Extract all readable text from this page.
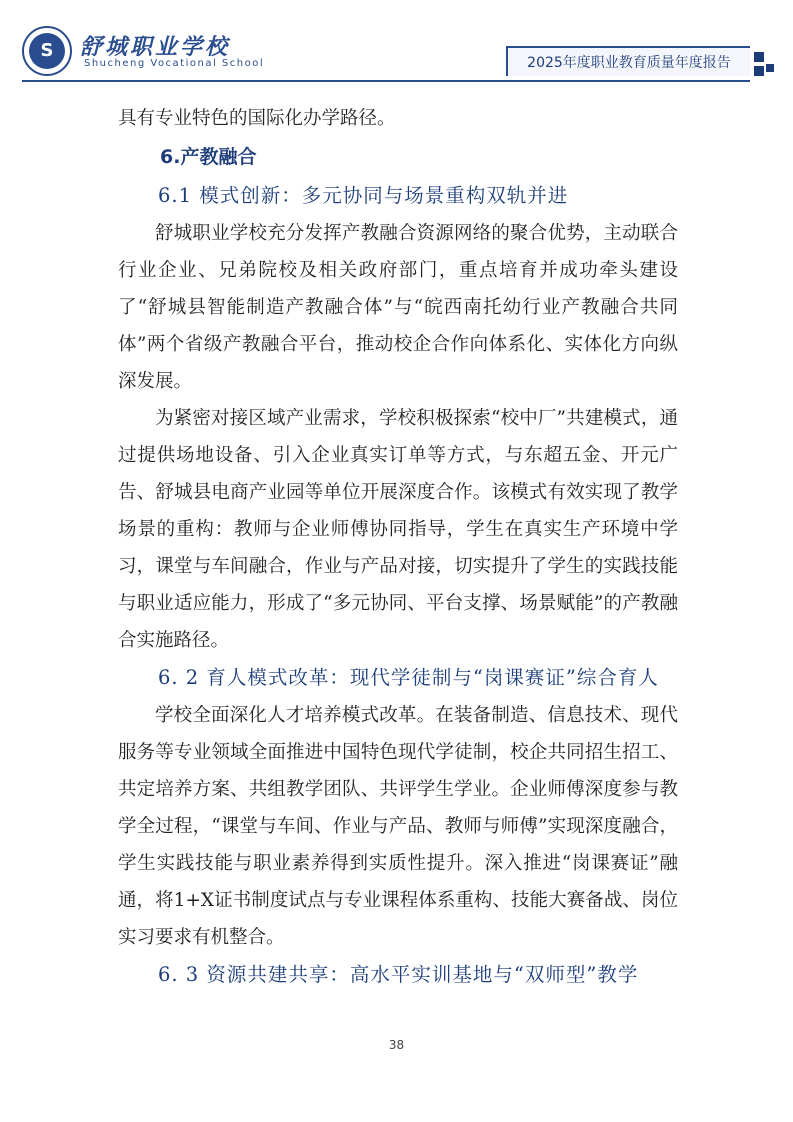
S	舒城职业学校
Shucheng Vocational School	2025年度职业教育质量年度报告

具有专业特色的国际化办学路径。

6.产教融合
6.1 模式创新：多元协同与场景重构双轨并进

舒城职业学校充分发挥产教融合资源网络的聚合优势，主动联合行业企业、兄弟院校及相关政府部门，重点培育并成功牵头建设了“舒城县智能制造产教融合体”与“皖西南托幼行业产教融合共同体”两个省级产教融合平台，推动校企合作向体系化、实体化方向纵深发展。

为紧密对接区域产业需求，学校积极探索“校中厂”共建模式，通过提供场地设备、引入企业真实订单等方式，与东超五金、开元广告、舒城县电商产业园等单位开展深度合作。该模式有效实现了教学场景的重构：教师与企业师傅协同指导，学生在真实生产环境中学习，课堂与车间融合，作业与产品对接，切实提升了学生的实践技能与职业适应能力，形成了“多元协同、平台支撑、场景赋能”的产教融合实施路径。

6. 2 育人模式改革：现代学徒制与“岗课赛证”综合育人

学校全面深化人才培养模式改革。在装备制造、信息技术、现代服务等专业领域全面推进中国特色现代学徒制，校企共同招生招工、共定培养方案、共组教学团队、共评学生学业。企业师傅深度参与教学全过程，“课堂与车间、作业与产品、教师与师傅”实现深度融合，学生实践技能与职业素养得到实质性提升。深入推进“岗课赛证”融通，将1+X证书制度试点与专业课程体系重构、技能大赛备战、岗位实习要求有机整合。

6. 3 资源共建共享：高水平实训基地与“双师型”教学
38
